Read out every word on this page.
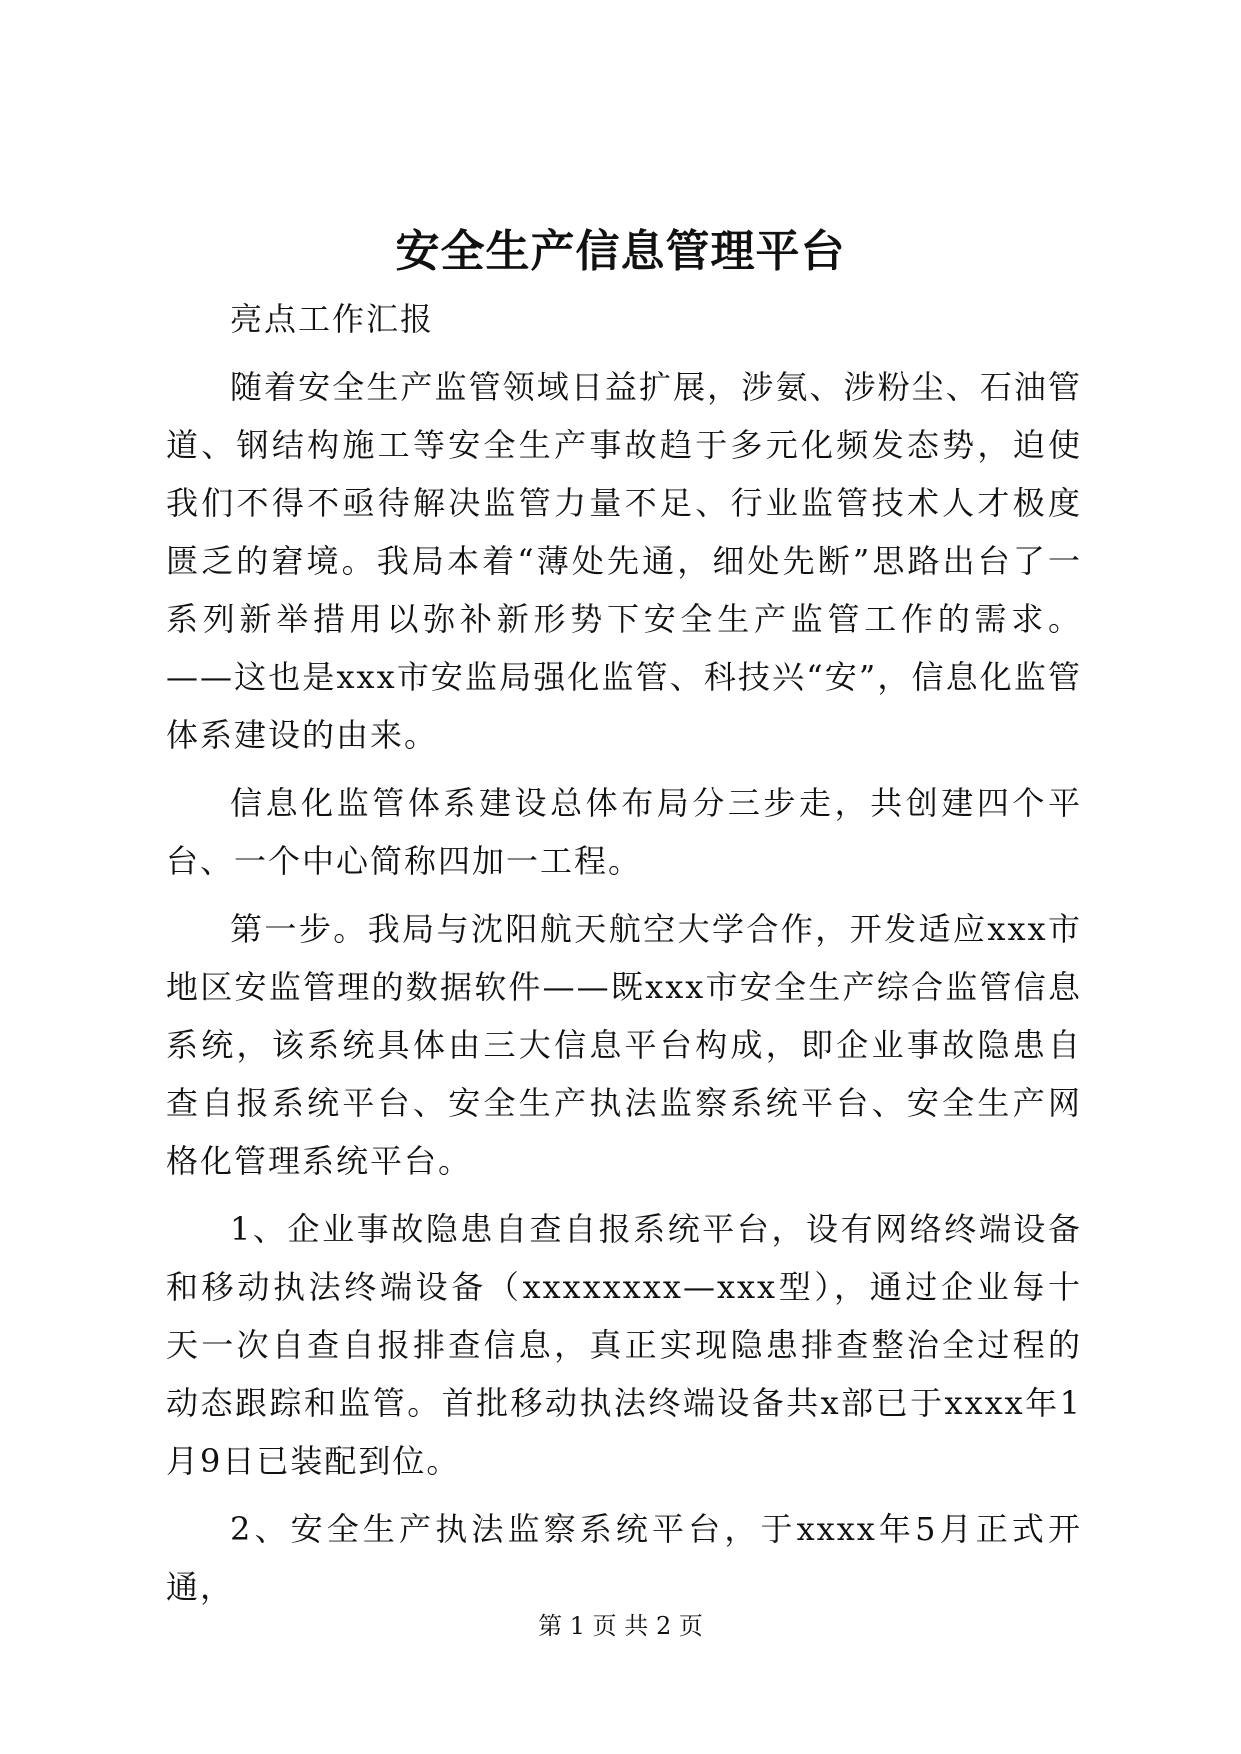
安全生产信息管理平台

亮点工作汇报

随着安全生产监管领域日益扩展，涉氨、涉粉尘、石油管道、钢结构施工等安全生产事故趋于多元化频发态势，迫使我们不得不亟待解决监管力量不足、行业监管技术人才极度匮乏的窘境。我局本着“薄处先通，细处先断”思路出台了一系列新举措用以弥补新形势下安全生产监管工作的需求。——这也是xxx市安监局强化监管、科技兴“安”，信息化监管体系建设的由来。

信息化监管体系建设总体布局分三步走，共创建四个平台、一个中心简称四加一工程。

第一步。我局与沈阳航天航空大学合作，开发适应xxx市地区安监管理的数据软件——既xxx市安全生产综合监管信息系统，该系统具体由三大信息平台构成，即企业事故隐患自查自报系统平台、安全生产执法监察系统平台、安全生产网格化管理系统平台。

1、企业事故隐患自查自报系统平台，设有网络终端设备和移动执法终端设备（xxxxxxxx—xxx型），通过企业每十天一次自查自报排查信息，真正实现隐患排查整治全过程的动态跟踪和监管。首批移动执法终端设备共x部已于xxxx年1月9日已装配到位。

2、安全生产执法监察系统平台，于xxxx年5月正式开通，

第 1 页 共 2 页
